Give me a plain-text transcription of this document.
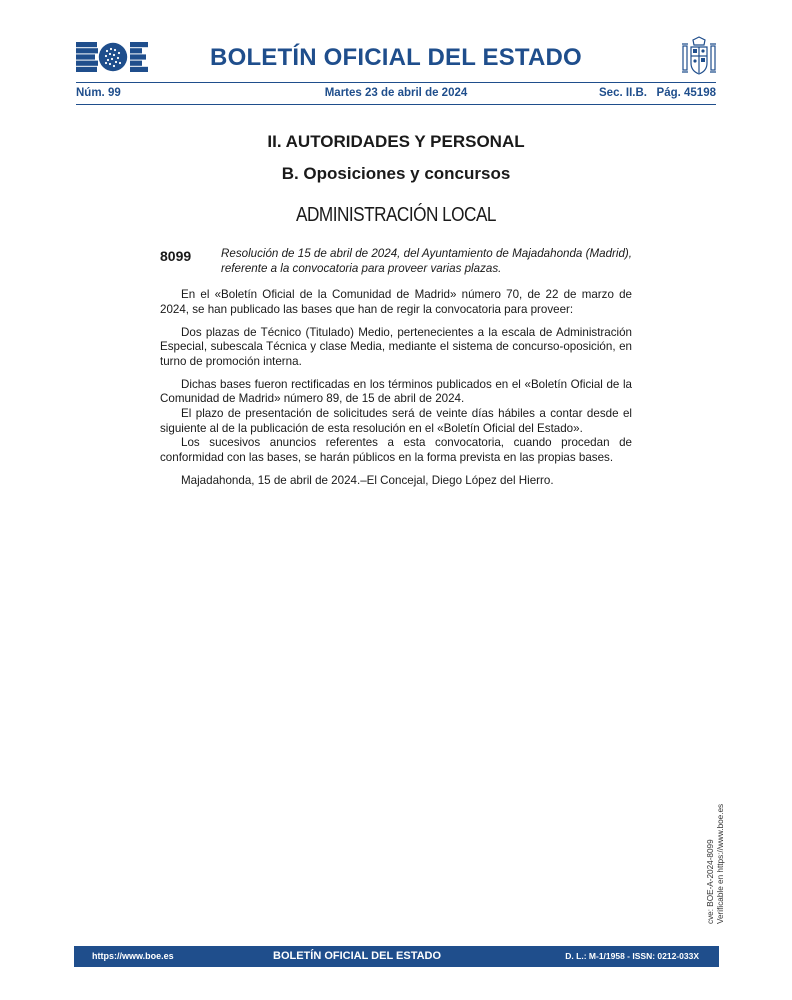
BOLETÍN OFICIAL DEL ESTADO
Núm. 99	Martes 23 de abril de 2024	Sec. II.B.   Pág. 45198
II. AUTORIDADES Y PERSONAL
B. Oposiciones y concursos
ADMINISTRACIÓN LOCAL
8099	Resolución de 15 de abril de 2024, del Ayuntamiento de Majadahonda (Madrid), referente a la convocatoria para proveer varias plazas.

En el «Boletín Oficial de la Comunidad de Madrid» número 70, de 22 de marzo de 2024, se han publicado las bases que han de regir la convocatoria para proveer:

Dos plazas de Técnico (Titulado) Medio, pertenecientes a la escala de Administración Especial, subescala Técnica y clase Media, mediante el sistema de concurso-oposición, en turno de promoción interna.

Dichas bases fueron rectificadas en los términos publicados en el «Boletín Oficial de la Comunidad de Madrid» número 89, de 15 de abril de 2024.

El plazo de presentación de solicitudes será de veinte días hábiles a contar desde el siguiente al de la publicación de esta resolución en el «Boletín Oficial del Estado».

Los sucesivos anuncios referentes a esta convocatoria, cuando procedan de conformidad con las bases, se harán públicos en la forma prevista en las propias bases.

Majadahonda, 15 de abril de 2024.–El Concejal, Diego López del Hierro.

cve: BOE-A-2024-8099 Verificable en https://www.boe.es
https://www.boe.es	BOLETÍN OFICIAL DEL ESTADO	D. L.: M-1/1958 - ISSN: 0212-033X
